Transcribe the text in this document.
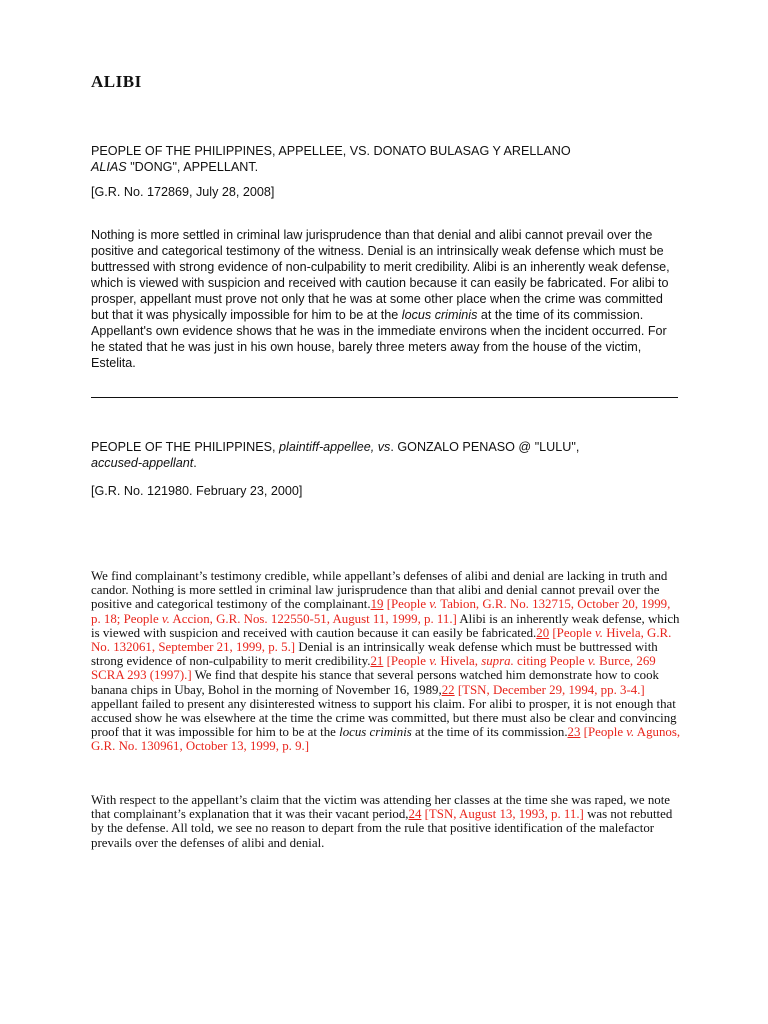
ALIBI

PEOPLE OF THE PHILIPPINES, APPELLEE, VS. DONATO BULASAG Y ARELLANO
ALIAS "DONG", APPELLANT.

[G.R. No. 172869, July 28, 2008]

Nothing is more settled in criminal law jurisprudence than that denial and alibi cannot prevail over the positive and categorical testimony of the witness. Denial is an intrinsically weak defense which must be buttressed with strong evidence of non-culpability to merit credibility. Alibi is an inherently weak defense, which is viewed with suspicion and received with caution because it can easily be fabricated. For alibi to prosper, appellant must prove not only that he was at some other place when the crime was committed but that it was physically impossible for him to be at the locus criminis at the time of its commission. Appellant's own evidence shows that he was in the immediate environs when the incident occurred. For he stated that he was just in his own house, barely three meters away from the house of the victim, Estelita.

PEOPLE OF THE PHILIPPINES, plaintiff-appellee, vs. GONZALO PENASO @ "LULU",
accused-appellant.

[G.R. No. 121980. February 23, 2000]

We find complainant’s testimony credible, while appellant’s defenses of alibi and denial are lacking in truth and candor. Nothing is more settled in criminal law jurisprudence than that alibi and denial cannot prevail over the positive and categorical testimony of the complainant.19 [People v. Tabion, G.R. No. 132715, October 20, 1999, p. 18; People v. Accion, G.R. Nos. 122550-51, August 11, 1999, p. 11.] Alibi is an inherently weak defense, which is viewed with suspicion and received with caution because it can easily be fabricated.20 [People v. Hivela, G.R. No. 132061, September 21, 1999, p. 5.] Denial is an intrinsically weak defense which must be buttressed with strong evidence of non-culpability to merit credibility.21 [People v. Hivela, supra. citing People v. Burce, 269 SCRA 293 (1997).] We find that despite his stance that several persons watched him demonstrate how to cook banana chips in Ubay, Bohol in the morning of November 16, 1989,22 [TSN, December 29, 1994, pp. 3-4.] appellant failed to present any disinterested witness to support his claim. For alibi to prosper, it is not enough that accused show he was elsewhere at the time the crime was committed, but there must also be clear and convincing proof that it was impossible for him to be at the locus criminis at the time of its commission.23 [People v. Agunos, G.R. No. 130961, October 13, 1999, p. 9.]

With respect to the appellant’s claim that the victim was attending her classes at the time she was raped, we note that complainant’s explanation that it was their vacant period,24 [TSN, August 13, 1993, p. 11.] was not rebutted by the defense. All told, we see no reason to depart from the rule that positive identification of the malefactor prevails over the defenses of alibi and denial.
